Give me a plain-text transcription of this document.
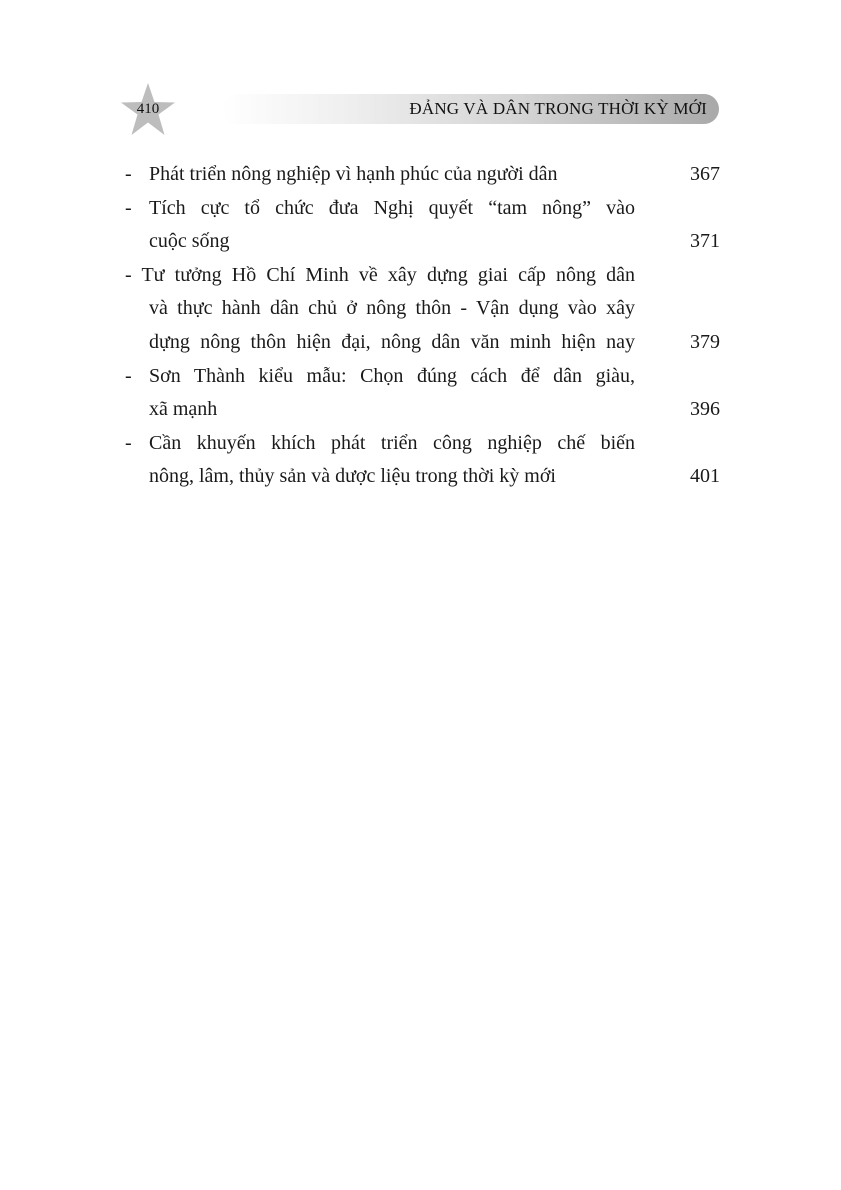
410	ĐẢNG VÀ DÂN TRONG THỜI KỲ MỚI
- Phát triển nông nghiệp vì hạnh phúc của người dân	367
- Tích cực tổ chức đưa Nghị quyết “tam nông” vào
cuộc sống	371
- Tư tưởng Hồ Chí Minh về xây dựng giai cấp nông dân
và thực hành dân chủ ở nông thôn - Vận dụng vào xây
dựng nông thôn hiện đại, nông dân văn minh hiện nay	379
- Sơn Thành kiểu mẫu: Chọn đúng cách để dân giàu,
xã mạnh	396
- Cần khuyến khích phát triển công nghiệp chế biến
nông, lâm, thủy sản và dược liệu trong thời kỳ mới	401
